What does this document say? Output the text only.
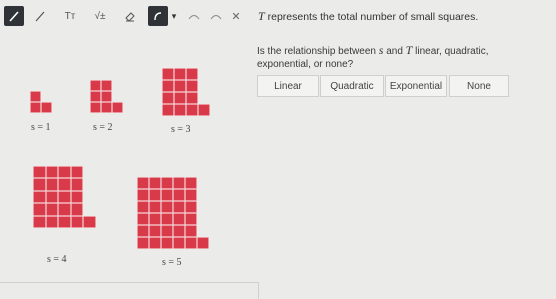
Tт √±	▾	✕ T represents the total number of small squares.
Is the relationship between s and T linear, quadratic,
exponential, or none?
Linear	Quadratic	Exponential	None
s = 1	s = 2	s = 3
s = 4	s = 5
